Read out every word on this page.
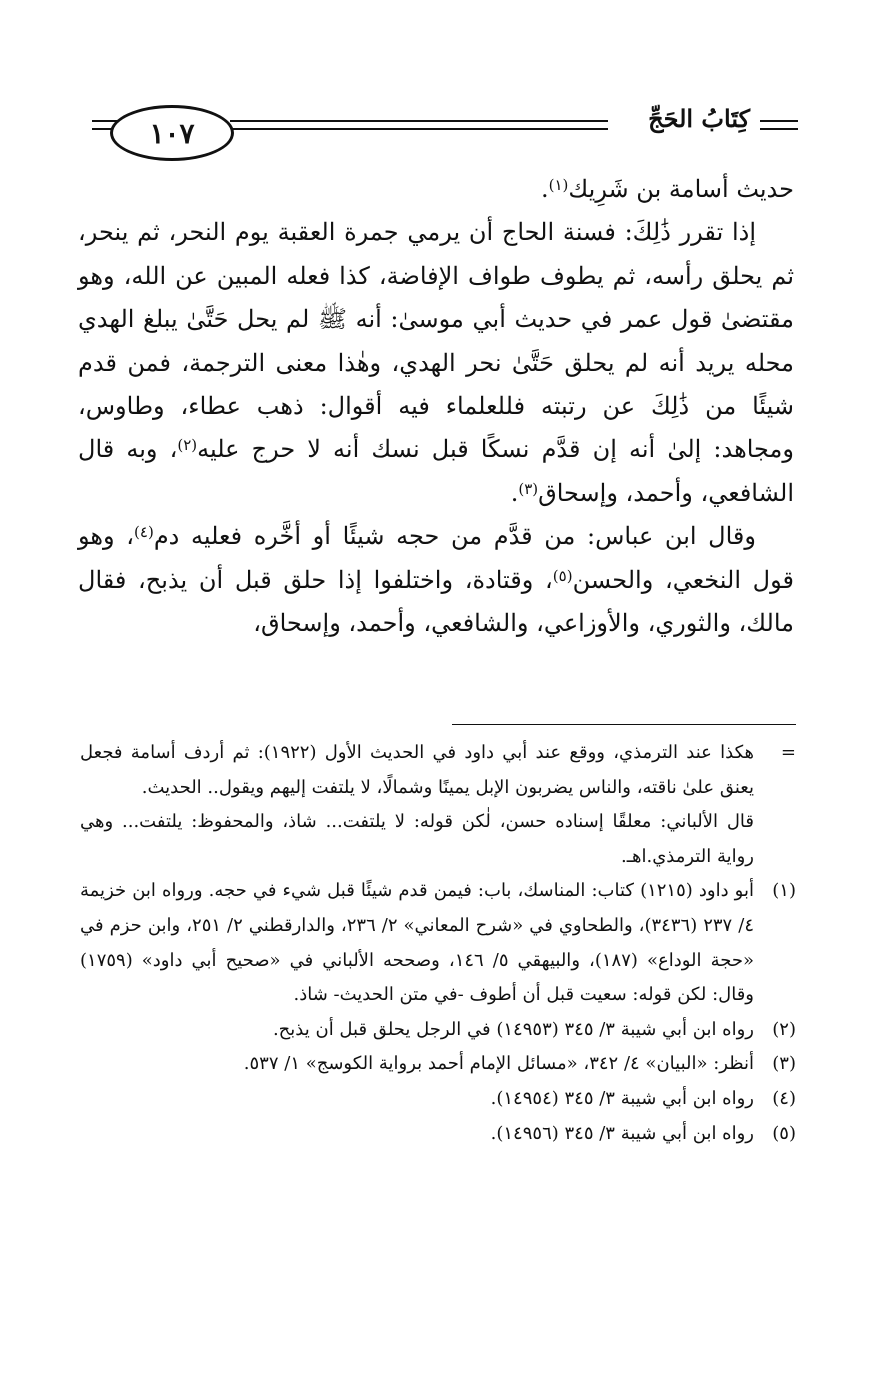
١٠٧	كِتَابُ الحَجِّ

حديث أسامة بن شَرِيك$^{(١)}$.

إذا تقرر ذَٰلِكَ: فسنة الحاج أن يرمي جمرة العقبة يوم النحر، ثم ينحر، ثم يحلق رأسه، ثم يطوف طواف الإفاضة، كذا فعله المبين عن الله، وهو مقتضىٰ قول عمر في حديث أبي موسىٰ: أنه ﷺ لم يحل حَتَّىٰ يبلغ الهدي محله يريد أنه لم يحلق حَتَّىٰ نحر الهدي، وهٰذا معنى الترجمة، فمن قدم شيئًا من ذَٰلِكَ عن رتبته فللعلماء فيه أقوال: ذهب عطاء، وطاوس، ومجاهد: إلىٰ أنه إن قدَّم نسكًا قبل نسك أنه لا حرج عليه$^{(٢)}$، وبه قال الشافعي، وأحمد، وإسحاق$^{(٣)}$.

وقال ابن عباس: من قدَّم من حجه شيئًا أو أخَّره فعليه دم$^{(٤)}$، وهو قول النخعي، والحسن$^{(٥)}$، وقتادة، واختلفوا إذا حلق قبل أن يذبح، فقال مالك، والثوري، والأوزاعي، والشافعي، وأحمد، وإسحاق،

=
هكذا عند الترمذي، ووقع عند أبي داود في الحديث الأول (١٩٢٢): ثم أردف أسامة فجعل يعنق علىٰ ناقته، والناس يضربون الإبل يمينًا وشمالًا، لا يلتفت إليهم ويقول.. الحديث.
قال الألباني: معلقًا إسناده حسن، لٰكن قوله: لا يلتفت... شاذ، والمحفوظ: يلتفت... وهي رواية الترمذي.اهـ.
(١)
أبو داود (١٢١٥) كتاب: المناسك، باب: فيمن قدم شيئًا قبل شيء في حجه. ورواه ابن خزيمة ٤/ ٢٣٧ (٣٤٣٦)، والطحاوي في «شرح المعاني» ٢/ ٢٣٦، والدارقطني ٢/ ٢٥١، وابن حزم في «حجة الوداع» (١٨٧)، والبيهقي ٥/ ١٤٦، وصححه الألباني في «صحيح أبي داود» (١٧٥٩) وقال: لكن قوله: سعيت قبل أن أطوف -في متن الحديث- شاذ.
(٢)
رواه ابن أبي شيبة ٣/ ٣٤٥ (١٤٩٥٣) في الرجل يحلق قبل أن يذبح.
(٣)
أنظر: «البيان» ٤/ ٣٤٢، «مسائل الإمام أحمد برواية الكوسج» ١/ ٥٣٧.
(٤)
رواه ابن أبي شيبة ٣/ ٣٤٥ (١٤٩٥٤).
(٥)
رواه ابن أبي شيبة ٣/ ٣٤٥ (١٤٩٥٦).
